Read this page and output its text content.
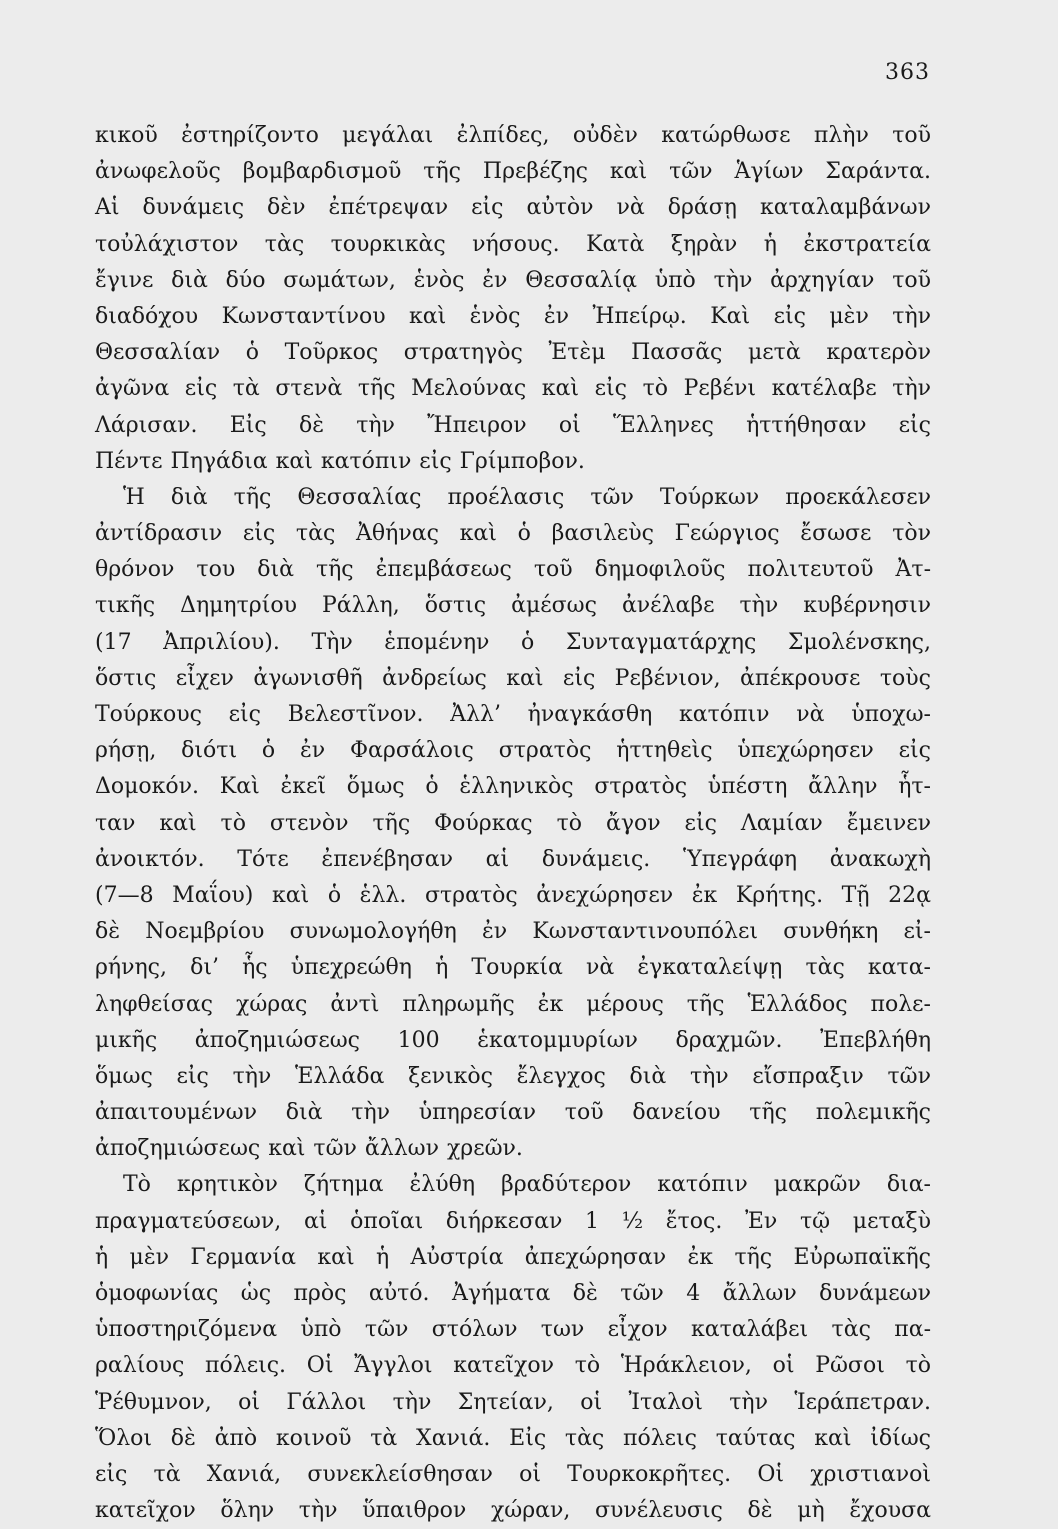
363
κικοῦ ἐστηρίζοντο μεγάλαι ἐλπίδες, οὐδὲν κατώρθωσε πλὴν τοῦ
ἀνωφελοῦς βομβαρδισμοῦ τῆς Πρεβέζης καὶ τῶν Ἁγίων Σαράντα.
Αἱ δυνάμεις δὲν ἐπέτρεψαν εἰς αὐτὸν νὰ δράσῃ καταλαμβάνων
τοὐλάχιστον τὰς τουρκικὰς νήσους. Κατὰ ξηρὰν ἡ ἐκστρατεία
ἔγινε διὰ δύο σωμάτων, ἑνὸς ἐν Θεσσαλίᾳ ὑπὸ τὴν ἀρχηγίαν τοῦ
διαδόχου Κωνσταντίνου καὶ ἑνὸς ἐν Ἠπείρῳ. Καὶ εἰς μὲν τὴν
Θεσσαλίαν ὁ Τοῦρκος στρατηγὸς Ἐτὲμ Πασσᾶς μετὰ κρατερὸν
ἀγῶνα εἰς τὰ στενὰ τῆς Μελούνας καὶ εἰς τὸ Ρεβένι κατέλαβε τὴν
Λάρισαν. Εἰς δὲ τὴν Ἤπειρον οἱ Ἕλληνες ἡττήθησαν εἰς
Πέντε Πηγάδια καὶ κατόπιν εἰς Γρίμποβον.
Ἡ διὰ τῆς Θεσσαλίας προέλασις τῶν Τούρκων προεκάλεσεν
ἀντίδρασιν εἰς τὰς Ἀθήνας καὶ ὁ βασιλεὺς Γεώργιος ἔσωσε τὸν
θρόνον του διὰ τῆς ἐπεμβάσεως τοῦ δημοφιλοῦς πολιτευτοῦ Ἀτ-
τικῆς Δημητρίου Ράλλη, ὅστις ἀμέσως ἀνέλαβε τὴν κυβέρνησιν
(17 Ἀπριλίου). Τὴν ἑπομένην ὁ Συνταγματάρχης Σμολένσκης,
ὅστις εἶχεν ἀγωνισθῆ ἀνδρείως καὶ εἰς Ρεβένιον, ἀπέκρουσε τοὺς
Τούρκους εἰς Βελεστῖνον. Ἀλλ’ ἠναγκάσθη κατόπιν νὰ ὑποχω-
ρήσῃ, διότι ὁ ἐν Φαρσάλοις στρατὸς ἡττηθεὶς ὑπεχώρησεν εἰς
Δομοκόν. Καὶ ἐκεῖ ὅμως ὁ ἑλληνικὸς στρατὸς ὑπέστη ἄλλην ἧτ-
ταν καὶ τὸ στενὸν τῆς Φούρκας τὸ ἄγον εἰς Λαμίαν ἔμεινεν
ἀνοικτόν. Τότε ἐπενέβησαν αἱ δυνάμεις. Ὑπεγράφη ἀνακωχὴ
(7—8 Μαΐου) καὶ ὁ ἑλλ. στρατὸς ἀνεχώρησεν ἐκ Κρήτης. Τῇ 22ᾳ
δὲ Νοεμβρίου συνωμολογήθη ἐν Κωνσταντινουπόλει συνθήκη εἰ-
ρήνης, δι’ ἧς ὑπεχρεώθη ἡ Τουρκία νὰ ἐγκαταλείψῃ τὰς κατα-
ληφθείσας χώρας ἀντὶ πληρωμῆς ἐκ μέρους τῆς Ἑλλάδος πολε-
μικῆς ἀποζημιώσεως 100 ἑκατομμυρίων δραχμῶν. Ἐπεβλήθη
ὅμως εἰς τὴν Ἑλλάδα ξενικὸς ἔλεγχος διὰ τὴν εἴσπραξιν τῶν
ἀπαιτουμένων διὰ τὴν ὑπηρεσίαν τοῦ δανείου τῆς πολεμικῆς
ἀποζημιώσεως καὶ τῶν ἄλλων χρεῶν.
Τὸ κρητικὸν ζήτημα ἐλύθη βραδύτερον κατόπιν μακρῶν δια-
πραγματεύσεων, αἱ ὁποῖαι διήρκεσαν 1 ½ ἔτος. Ἐν τῷ μεταξὺ
ἡ μὲν Γερμανία καὶ ἡ Αὐστρία ἀπεχώρησαν ἐκ τῆς Εὐρωπαϊκῆς
ὁμοφωνίας ὡς πρὸς αὐτό. Ἀγήματα δὲ τῶν 4 ἄλλων δυνάμεων
ὑποστηριζόμενα ὑπὸ τῶν στόλων των εἶχον καταλάβει τὰς πα-
ραλίους πόλεις. Οἱ Ἄγγλοι κατεῖχον τὸ Ἡράκλειον, οἱ Ρῶσοι τὸ
Ῥέθυμνον, οἱ Γάλλοι τὴν Σητείαν, οἱ Ἰταλοὶ τὴν Ἱεράπετραν.
Ὅλοι δὲ ἀπὸ κοινοῦ τὰ Χανιά. Εἰς τὰς πόλεις ταύτας καὶ ἰδίως
εἰς τὰ Χανιά, συνεκλείσθησαν οἱ Τουρκοκρῆτες. Οἱ χριστιανοὶ
κατεῖχον ὅλην τὴν ὕπαιθρον χώραν, συνέλευσις δὲ μὴ ἔχουσα
